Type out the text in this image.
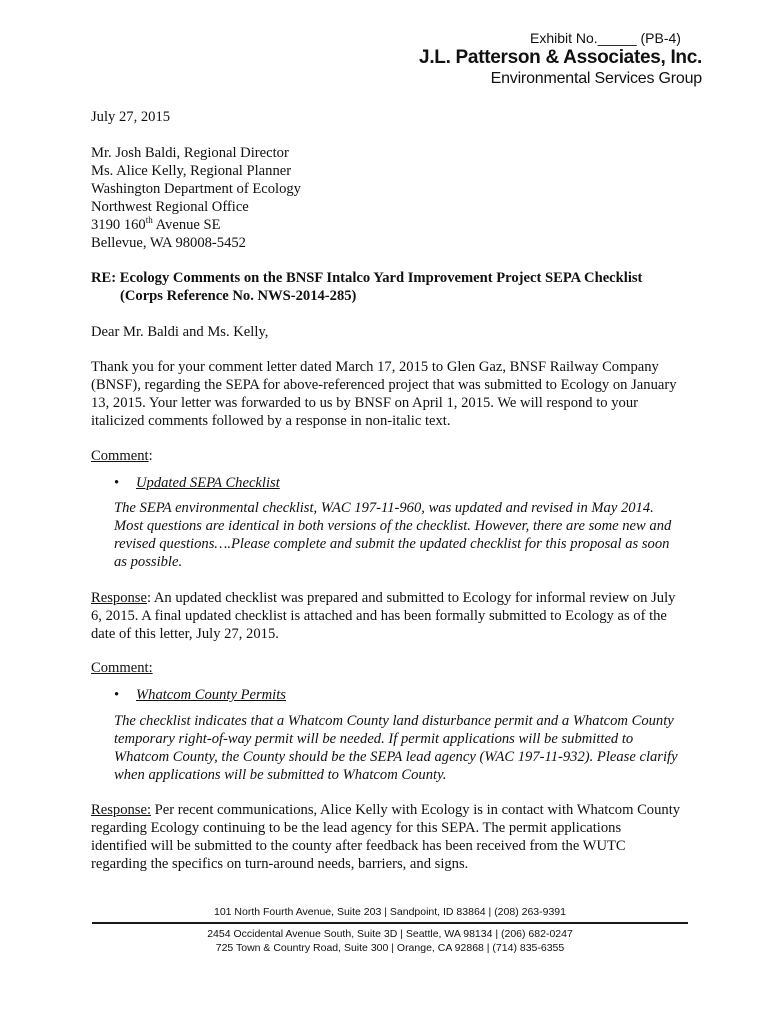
Exhibit No._____ (PB-4)
J.L. Patterson & Associates, Inc.
Environmental Services Group
July 27, 2015
Mr. Josh Baldi, Regional Director
Ms. Alice Kelly, Regional Planner
Washington Department of Ecology
Northwest Regional Office
3190 160th Avenue SE
Bellevue, WA 98008-5452
RE: Ecology Comments on the BNSF Intalco Yard Improvement Project SEPA Checklist
(Corps Reference No. NWS-2014-285)
Dear Mr. Baldi and Ms. Kelly,
Thank you for your comment letter dated March 17, 2015 to Glen Gaz, BNSF Railway Company
(BNSF), regarding the SEPA for above-referenced project that was submitted to Ecology on January
13, 2015. Your letter was forwarded to us by BNSF on April 1, 2015. We will respond to your
italicized comments followed by a response in non-italic text.
Comment:
• Updated SEPA Checklist
The SEPA environmental checklist, WAC 197-11-960, was updated and revised in May 2014.
Most questions are identical in both versions of the checklist. However, there are some new and
revised questions….Please complete and submit the updated checklist for this proposal as soon
as possible.
Response: An updated checklist was prepared and submitted to Ecology for informal review on July
6, 2015. A final updated checklist is attached and has been formally submitted to Ecology as of the
date of this letter, July 27, 2015.
Comment:
• Whatcom County Permits
The checklist indicates that a Whatcom County land disturbance permit and a Whatcom County
temporary right-of-way permit will be needed. If permit applications will be submitted to
Whatcom County, the County should be the SEPA lead agency (WAC 197-11-932). Please clarify
when applications will be submitted to Whatcom County.
Response: Per recent communications, Alice Kelly with Ecology is in contact with Whatcom County
regarding Ecology continuing to be the lead agency for this SEPA. The permit applications
identified will be submitted to the county after feedback has been received from the WUTC
regarding the specifics on turn-around needs, barriers, and signs.
101 North Fourth Avenue, Suite 203 | Sandpoint, ID 83864 | (208) 263-9391
2454 Occidental Avenue South, Suite 3D | Seattle, WA 98134 | (206) 682-0247
725 Town & Country Road, Suite 300 | Orange, CA 92868 | (714) 835-6355
